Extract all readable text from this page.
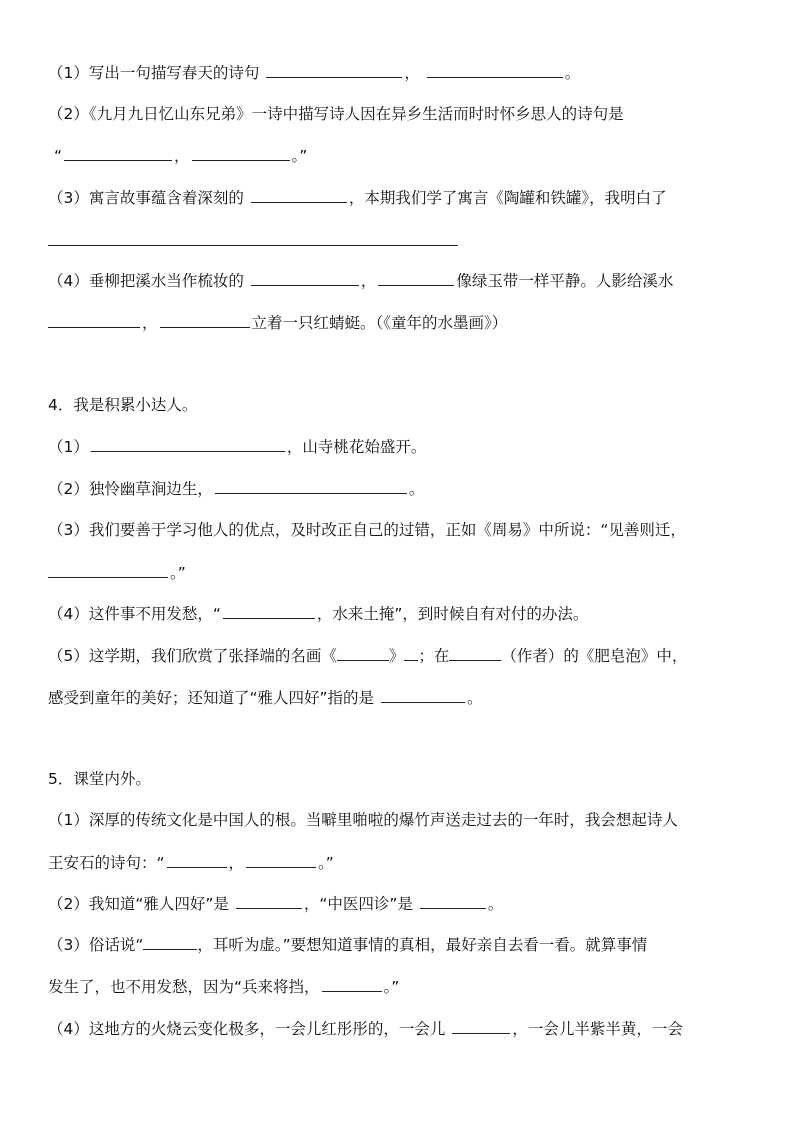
（1）写出一句描写春天的诗句	，	。
（2）《九月九日忆山东兄弟》一诗中描写诗人因在异乡生活而时时怀乡思人的诗句是
“	，	。”
（3）寓言故事蕴含着深刻的	，本期我们学了寓言《陶罐和铁罐》，我明白了
（4）垂柳把溪水当作梳妆的	，	像绿玉带一样平静。人影给溪水
，	立着一只红蜻蜓。（《童年的水墨画》）
4．我是积累小达人。
（1）	，山寺桃花始盛开。
（2）独怜幽草涧边生，	。
（3）我们要善于学习他人的优点，及时改正自己的过错，正如《周易》中所说：“见善则迁，
。”
（4）这件事不用发愁，“	，水来土掩”，到时候自有对付的办法。
（5）这学期，我们欣赏了张择端的名画《	》 ；在	（作者）的《肥皂泡》中，
感受到童年的美好；还知道了“雅人四好”指的是	。
5．课堂内外。
（1）深厚的传统文化是中国人的根。当噼里啪啦的爆竹声送走过去的一年时，我会想起诗人
王安石的诗句：“	，	。”
（2）我知道“雅人四好”是	，“中医四诊”是	。
（3）俗话说“	，耳听为虚。”要想知道事情的真相，最好亲自去看一看。就算事情
发生了，也不用发愁，因为“兵来将挡，	。”
（4）这地方的火烧云变化极多，一会儿红彤彤的，一会儿	，一会儿半紫半黄，一会
